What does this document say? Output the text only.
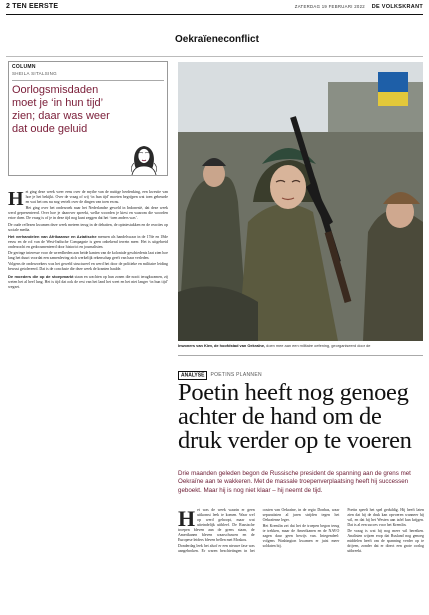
2 TEN EERSTE	ZATERDAG 19 FEBRUARI 2022 DE VOLKSKRANT
Oekraïeneconflict
COLUMN
SHEILA SITALSING
Oorlogsmisdaden moet je ‘in hun tijd’ zien; daar was weer dat oude geluid

Het ging deze week weer eens over de mythe van de nuttige herdenking, een kwestie van hoe je het bekijkt. Over de vraag of wij ‘in hun tijd’ moeten begrijpen wat toen gebeurde en wat het ons nu nog vertelt over de dingen van toen en nu.

Het ging over het onderzoek naar het Nederlandse geweld in Indonesië, dat deze week werd gepresenteerd. Over hoe je daarover spreekt, welke woorden je kiest en waarom die woorden ertoe doen. De vraag is of je in deze tijd nog kunt zeggen dat het ‘toen anders was’.

De oude reflexen kwamen deze week meteen terug in de debatten, de opiniestukken en de reacties op sociale media.

Het verhandelen van Afrikaanse en Aziatische mensen als handelswaar in de 17de en 18de eeuw en de rol van de West-Indische Compagnie is geen onbekend terrein meer. Het is uitgebreid onderzocht en gedocumenteerd door historici en journalisten.

De geringe interesse voor de wreedheden aan beide kanten van de koloniale geschiedenis laat zien hoe lang het duurt voordat een samenleving zich werkelijk rekenschap geeft van haar verleden.

Volgens de onderzoekers was het geweld structureel en werd het door de politieke en militaire leiding bewust getolereerd. Dat is de conclusie die deze week de kranten haalde.

De moeders die op de stoepmarkt staan en wachten op hun zonen die nooit terugkwamen, zij weten het al heel lang. Het is tijd dat ook de rest van het land het weet en het niet langer ‘in hun tijd’ wegzet.

Inwoners van Kiev, de hoofdstad van Oekraïne, doen mee aan een militaire oefening, georganiseerd door de
ANALYSE POETINS PLANNEN
Poetin heeft nog genoeg achter de hand om de druk verder op te voeren
Drie maanden geleden begon de Russische president de spanning aan de grens met Oekraïne aan te wakkeren. Met de massale troepenverplaatsing heeft hij successen geboekt. Maar hij is nog niet klaar – hij neemt de tijd.

Het was de week waarin er geen uitkomst leek te komen. Waar wel op werd gehoopt, maar wat uiteindelijk uitbleef. De Russische troepen bleven aan de grens staan, de Amerikanen bleven waarschuwen en de Europese leiders bleven bellen met Moskou.

Donderdag leek het alsof er een nieuwe fase was aangebroken. Er waren beschietingen in het oosten van Oekraïne, in de regio Donbas, waar separatisten al jaren strijden tegen het Oekraïense leger.

Het Kremlin zei dat het de troepen begon terug te trekken, maar de Amerikanen en de NAVO zagen daar geen bewijs van. Integendeel: volgens Washington kwamen er juist meer soldaten bij.

Poetin speelt het spel geduldig. Hij heeft laten zien dat hij de druk kan opvoeren wanneer hij wil, en dat hij het Westen aan tafel kan krijgen. Dat is al een succes voor het Kremlin.

De vraag is wat hij nog meer wil bereiken. Analisten wijzen erop dat Rusland nog genoeg middelen heeft om de spanning verder op te drijven, zonder dat er direct een grote oorlog uitbreekt.
